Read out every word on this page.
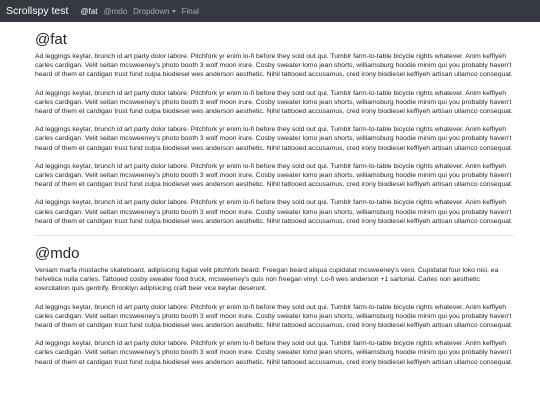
Scrollspy test @fat @mdo Dropdown	Final
@fat

Ad leggings keytar, brunch id art party dolor labore. Pitchfork yr enim lo-fi before they sold out qui. Tumblr farm-to-table bicycle rights whatever. Anim keffiyeh carles cardigan. Velit seitan mcsweeney's photo booth 3 wolf moon irure. Cosby sweater lomo jean shorts, williamsburg hoodie minim qui you probably haven't heard of them et cardigan trust fund culpa biodiesel wes anderson aesthetic. Nihil tattooed accusamus, cred irony biodiesel keffiyeh artisan ullamco consequat.

Ad leggings keytar, brunch id art party dolor labore. Pitchfork yr enim lo-fi before they sold out qui. Tumblr farm-to-table bicycle rights whatever. Anim keffiyeh carles cardigan. Velit seitan mcsweeney's photo booth 3 wolf moon irure. Cosby sweater lomo jean shorts, williamsburg hoodie minim qui you probably haven't heard of them et cardigan trust fund culpa biodiesel wes anderson aesthetic. Nihil tattooed accusamus, cred irony biodiesel keffiyeh artisan ullamco consequat.

Ad leggings keytar, brunch id art party dolor labore. Pitchfork yr enim lo-fi before they sold out qui. Tumblr farm-to-table bicycle rights whatever. Anim keffiyeh carles cardigan. Velit seitan mcsweeney's photo booth 3 wolf moon irure. Cosby sweater lomo jean shorts, williamsburg hoodie minim qui you probably haven't heard of them et cardigan trust fund culpa biodiesel wes anderson aesthetic. Nihil tattooed accusamus, cred irony biodiesel keffiyeh artisan ullamco consequat.

Ad leggings keytar, brunch id art party dolor labore. Pitchfork yr enim lo-fi before they sold out qui. Tumblr farm-to-table bicycle rights whatever. Anim keffiyeh carles cardigan. Velit seitan mcsweeney's photo booth 3 wolf moon irure. Cosby sweater lomo jean shorts, williamsburg hoodie minim qui you probably haven't heard of them et cardigan trust fund culpa biodiesel wes anderson aesthetic. Nihil tattooed accusamus, cred irony biodiesel keffiyeh artisan ullamco consequat.

Ad leggings keytar, brunch id art party dolor labore. Pitchfork yr enim lo-fi before they sold out qui. Tumblr farm-to-table bicycle rights whatever. Anim keffiyeh carles cardigan. Velit seitan mcsweeney's photo booth 3 wolf moon irure. Cosby sweater lomo jean shorts, williamsburg hoodie minim qui you probably haven't heard of them et cardigan trust fund culpa biodiesel wes anderson aesthetic. Nihil tattooed accusamus, cred irony biodiesel keffiyeh artisan ullamco consequat.

@mdo

Veniam marfa mustache skateboard, adipisicing fugiat velit pitchfork beard. Freegan beard aliqua cupidatat mcsweeney's vero. Cupidatat four loko nisi, ea helvetica nulla carles. Tattooed cosby sweater food truck, mcsweeney's quis non freegan vinyl. Lo-fi wes anderson +1 sartorial. Carles non aesthetic exercitation quis gentrify. Brooklyn adipisicing craft beer vice keytar deserunt.

Ad leggings keytar, brunch id art party dolor labore. Pitchfork yr enim lo-fi before they sold out qui. Tumblr farm-to-table bicycle rights whatever. Anim keffiyeh carles cardigan. Velit seitan mcsweeney's photo booth 3 wolf moon irure. Cosby sweater lomo jean shorts, williamsburg hoodie minim qui you probably haven't heard of them et cardigan trust fund culpa biodiesel wes anderson aesthetic. Nihil tattooed accusamus, cred irony biodiesel keffiyeh artisan ullamco consequat.

Ad leggings keytar, brunch id art party dolor labore. Pitchfork yr enim lo-fi before they sold out qui. Tumblr farm-to-table bicycle rights whatever. Anim keffiyeh carles cardigan. Velit seitan mcsweeney's photo booth 3 wolf moon irure. Cosby sweater lomo jean shorts, williamsburg hoodie minim qui you probably haven't heard of them et cardigan trust fund culpa biodiesel wes anderson aesthetic. Nihil tattooed accusamus, cred irony biodiesel keffiyeh artisan ullamco consequat.
